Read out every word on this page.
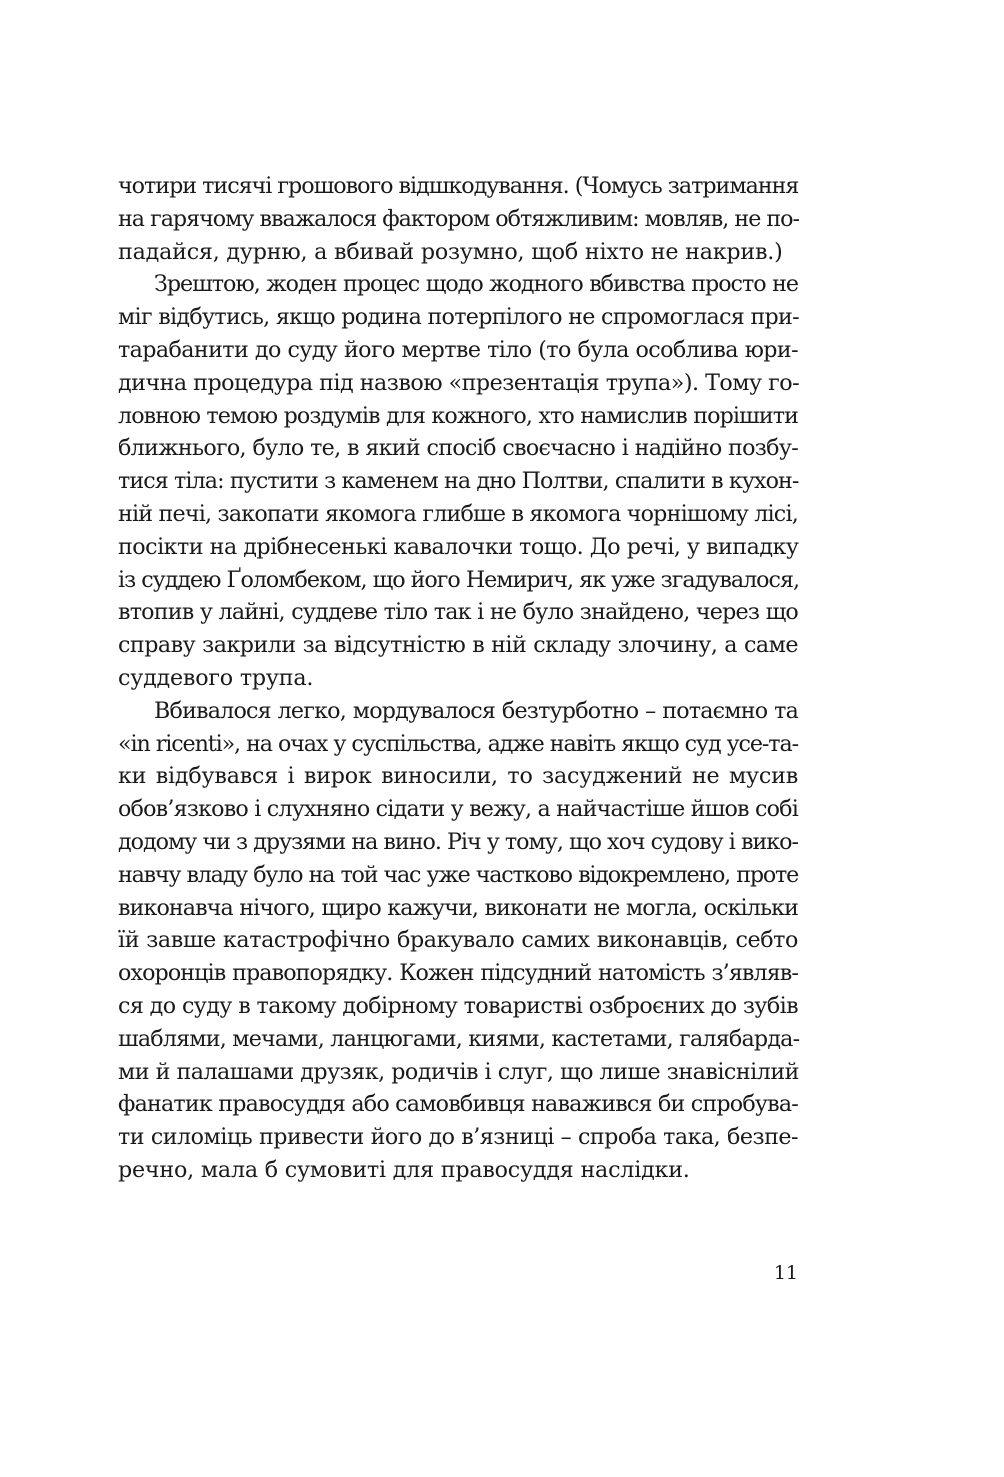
чотири тисячі грошового відшкодування. (Чомусь затримання
на гарячому вважалося фактором обтяжливим: мовляв, не по-
падайся, дурню, а вбивай розумно, щоб ніхто не накрив.)

Зрештою, жоден процес щодо жодного вбивства просто не
міг відбутись, якщо родина потерпілого не спромоглася при-
тарабанити до суду його мертве тіло (то була особлива юри-
дична процедура під назвою «презентація трупа»). Тому го-
ловною темою роздумів для кожного, хто намислив порішити
ближнього, було те, в який спосіб своєчасно і надійно позбу-
тися тіла: пустити з каменем на дно Полтви, спалити в кухон-
ній печі, закопати якомога глибше в якомога чорнішому лісі,
посікти на дрібнесенькі кавалочки тощо. До речі, у випадку
із суддею Ґоломбеком, що його Немирич, як уже згадувалося,
втопив у лайні, суддеве тіло так і не було знайдено, через що
справу закрили за відсутністю в ній складу злочину, а саме
суддевого трупа.

Вбивалося легко, мордувалося безтурботно – потаємно та
«in ricenti», на очах у суспільства, адже навіть якщо суд усе-та-
ки відбувався і вирок виносили, то засуджений не мусив
обов’язково і слухняно сідати у вежу, а найчастіше йшов собі
додому чи з друзями на вино. Річ у тому, що хоч судову і вико-
навчу владу було на той час уже частково відокремлено, проте
виконавча нічого, щиро кажучи, виконати не могла, оскільки
їй завше катастрофічно бракувало самих виконавців, себто
охоронців правопорядку. Кожен підсудний натомість з’являв-
ся до суду в такому добірному товаристві озброєних до зубів
шаблями, мечами, ланцюгами, киями, кастетами, галябарда-
ми й палашами друзяк, родичів і слуг, що лише знавіснілий
фанатик правосуддя або самовбивця наважився би спробува-
ти силоміць привести його до в’язниці – спроба така, безпе-
речно, мала б сумовиті для правосуддя наслідки.

11
